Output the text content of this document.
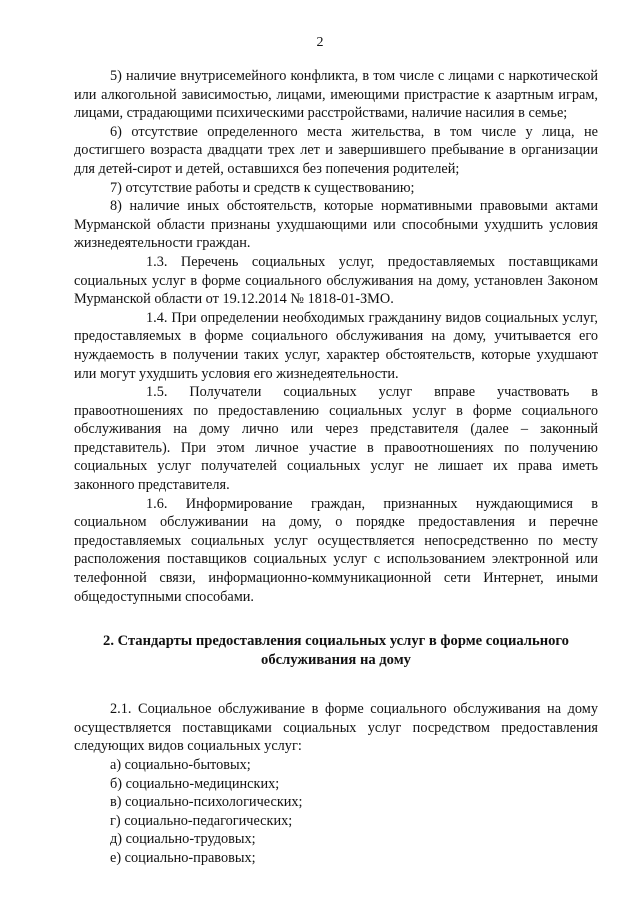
2

5) наличие внутрисемейного конфликта, в том числе с лицами с наркотической или алкогольной зависимостью, лицами, имеющими пристрастие к азартным играм, лицами, страдающими психическими расстройствами, наличие насилия в семье;

6) отсутствие определенного места жительства, в том числе у лица, не достигшего возраста двадцати трех лет и завершившего пребывание в организации для детей-сирот и детей, оставшихся без попечения родителей;

7) отсутствие работы и средств к существованию;

8) наличие иных обстоятельств, которые нормативными правовыми актами Мурманской области признаны ухудшающими или способными ухудшить условия жизнедеятельности граждан.

1.3. Перечень социальных услуг, предоставляемых поставщиками социальных услуг в форме социального обслуживания на дому, установлен Законом Мурманской области от 19.12.2014 № 1818-01-ЗМО.

1.4. При определении необходимых гражданину видов социальных услуг, предоставляемых в форме социального обслуживания на дому, учитывается его нуждаемость в получении таких услуг, характер обстоятельств, которые ухудшают или могут ухудшить условия его жизнедеятельности.

1.5. Получатели социальных услуг вправе участвовать в правоотношениях по предоставлению социальных услуг в форме социального обслуживания на дому лично или через представителя (далее – законный представитель). При этом личное участие в правоотношениях по получению социальных услуг получателей социальных услуг не лишает их права иметь законного представителя.

1.6. Информирование граждан, признанных нуждающимися в социальном обслуживании на дому, о порядке предоставления и перечне предоставляемых социальных услуг осуществляется непосредственно по месту расположения поставщиков социальных услуг с использованием электронной или телефонной связи, информационно-коммуникационной сети Интернет, иными общедоступными способами.

2. Стандарты предоставления социальных услуг в форме социального обслуживания на дому

2.1. Социальное обслуживание в форме социального обслуживания на дому осуществляется поставщиками социальных услуг посредством предоставления следующих видов социальных услуг:

а) социально-бытовых;

б) социально-медицинских;

в) социально-психологических;

г) социально-педагогических;

д) социально-трудовых;

е) социально-правовых;
